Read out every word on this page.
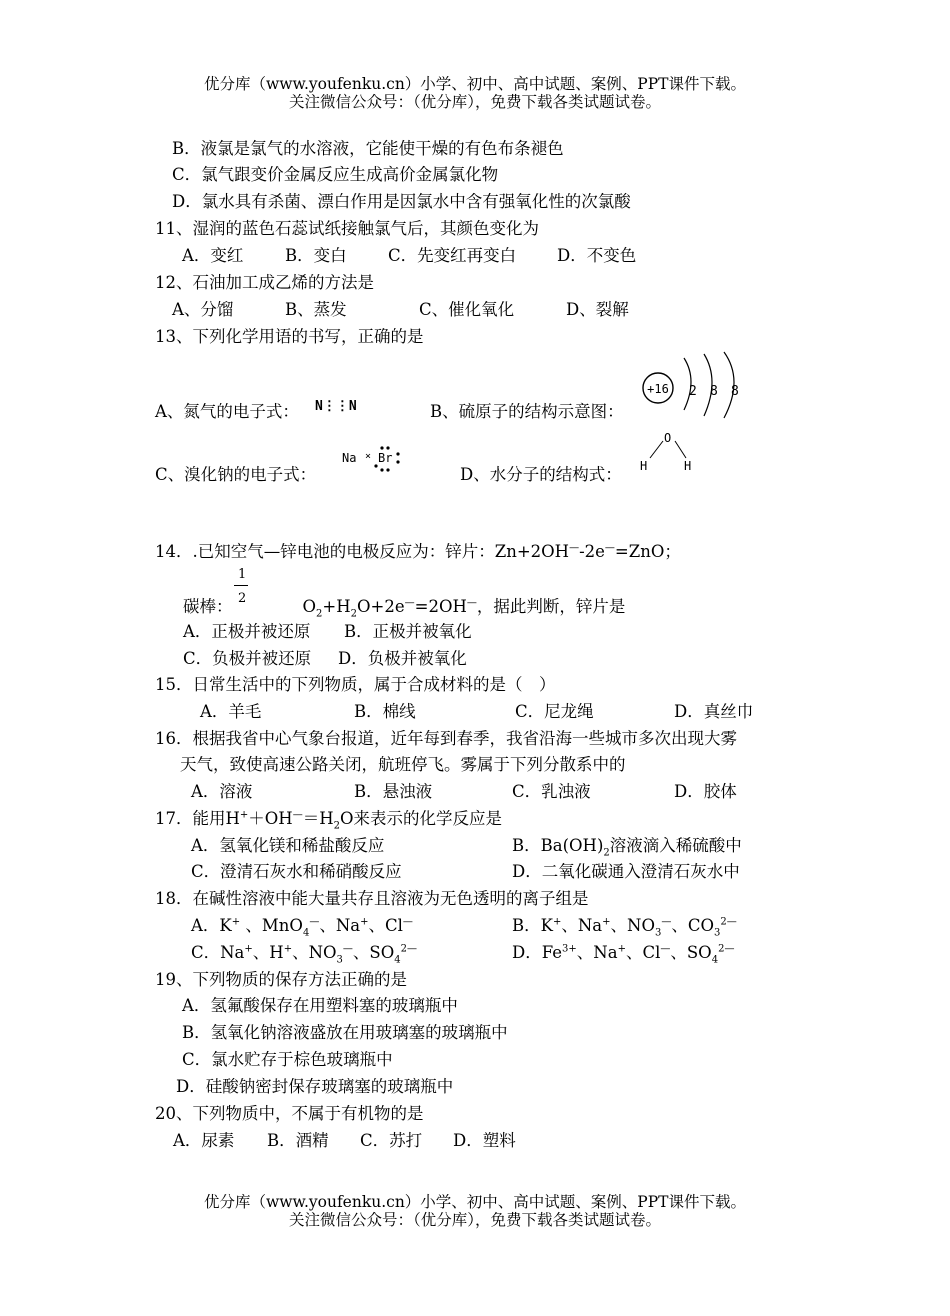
优分库（www.youfenku.cn）小学、初中、高中试题、案例、PPT课件下载。
关注微信公众号：（优分库），免费下载各类试题试卷。
B．液氯是氯气的水溶液，它能使干燥的有色布条褪色
C．氯气跟变价金属反应生成高价金属氯化物
D．氯水具有杀菌、漂白作用是因氯水中含有强氧化性的次氯酸
11、湿润的蓝色石蕊试纸接触氯气后，其颜色变化为
A．变红	B．变白	C．先变红再变白 D．不变色
12、石油加工成乙烯的方法是
A、分馏	B、蒸发	C、催化氧化	D、裂解
13、下列化学用语的书写，正确的是
A、氮气的电子式： N⋮⋮N	B、硫原子的结构示意图：
+16 2 8 8
C、溴化钠的电子式：
Na × Br
D、水分子的结构式：
O
H	H
14．.已知空气—锌电池的电极反应为：锌片：Zn+2OH—-2e—=ZnO；
1
2
碳棒：	$O_2+H_2O+2e^—=2OH^—$，据此判断，锌片是
A．正极并被还原 B．正极并被氧化
C．负极并被还原 D．负极并被氧化
15．日常生活中的下列物质，属于合成材料的是（　）
A．羊毛	B．棉线	C．尼龙绳	D．真丝巾
16．根据我省中心气象台报道，近年每到春季，我省沿海一些城市多次出现大雾
天气，致使高速公路关闭，航班停飞。雾属于下列分散系中的
A．溶液	B．悬浊液	C．乳浊液	D．胶体
17．能用$H^++OH^—=H_2O$来表示的化学反应是
A．氢氧化镁和稀盐酸反应	B．$Ba(OH)_2$溶液滴入稀硫酸中
C．澄清石灰水和稀硝酸反应	D．二氧化碳通入澄清石灰水中
18．在碱性溶液中能大量共存且溶液为无色透明的离子组是
A．K+ 、MnO$_4$—、Na+、Cl—	B．K+、Na+、$NO_3^—$、$CO_3^{2—}$
C．Na+、H+、$NO_3^—$、$SO_4^{2—}$	D．$Fe^{3+}$、Na+、Cl—、$SO_4^{2—}$
19、下列物质的保存方法正确的是
A．氢氟酸保存在用塑料塞的玻璃瓶中
B．氢氧化钠溶液盛放在用玻璃塞的玻璃瓶中
C．氯水贮存于棕色玻璃瓶中
D．硅酸钠密封保存玻璃塞的玻璃瓶中
20、下列物质中，不属于有机物的是
A．尿素 B．酒精 C．苏打 D．塑料
优分库（www.youfenku.cn）小学、初中、高中试题、案例、PPT课件下载。
关注微信公众号：（优分库），免费下载各类试题试卷。
